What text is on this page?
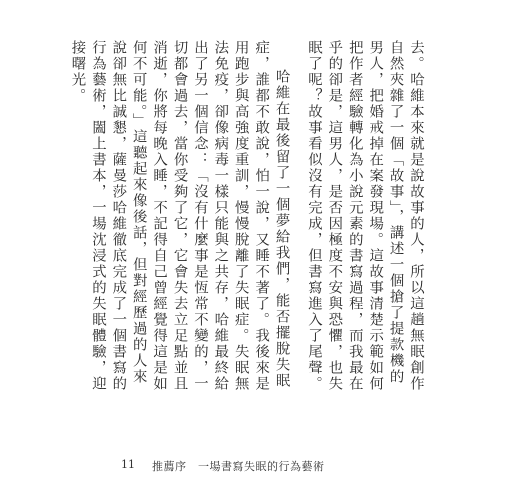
去。哈維本來就是說故事的人，所以這趟無眠創作自然夾雜了一個「故事」，講述一個搶了提款機的男人，把婚戒掉在案發現場。這故事清楚示範如何把作者經驗轉化為小說元素的書寫過程，而我最在乎的卻是，這男人，是否因極度不安與恐懼，也失眠了呢？故事看似沒有完成，但書寫進入了尾聲。

哈維在最後留了一個夢給我們，能否擺脫失眠症，誰都不敢說，怕一說，又睡不著了。我後來是用跑步與高強度重訓，慢慢脫離了失眠症。失眠無法免疫，卻像病毒一樣只能與之共存，哈維最終給出了另一個信念：「沒有什麼事是恆常不變的，一切都會過去，當你受夠了它，它會失去立足點並且消逝，你將每晚入睡，不記得自己曾經覺得這是如何不可能。」這聽起來像後話，但對經歷過的人來說卻無比誠懇，薩曼莎哈維徹底完成了一個書寫的行為藝術，闔上書本，一場沈浸式的失眠體驗，迎接曙光。

11 推薦序　一場書寫失眠的行為藝術
